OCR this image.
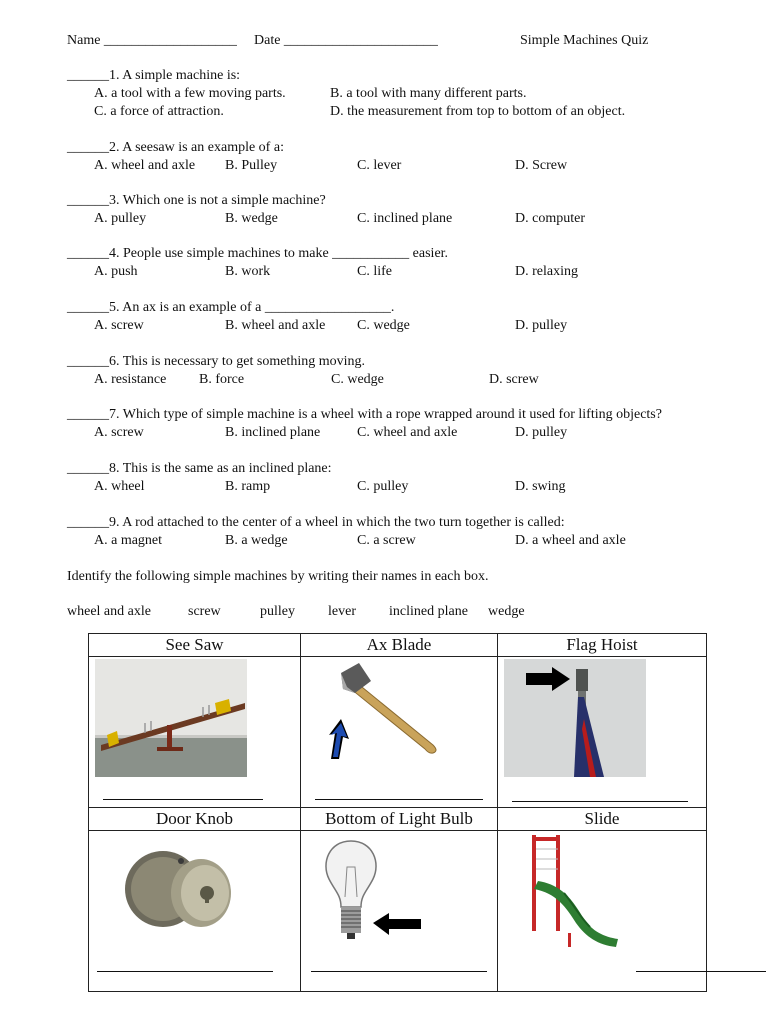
Name ___________________ Date ______________________	Simple Machines Quiz
______1. A simple machine is:
A. a tool with a few moving parts.	B. a tool with many different parts.
C. a force of attraction.	D. the measurement from top to bottom of an object.
______2. A seesaw is an example of a:
A. wheel and axle B. Pulley	C. lever	D. Screw
______3. Which one is not a simple machine?
A. pulley	B. wedge	C. inclined plane	D. computer
______4. People use simple machines to make ___________ easier.
A. push	B. work	C. life	D. relaxing
______5. An ax is an example of a __________________.
A. screw	B. wheel and axle C. wedge	D. pulley
______6. This is necessary to get something moving.
A. resistance B. force	C. wedge	D. screw
______7. Which type of simple machine is a wheel with a rope wrapped around it used for lifting objects?
A. screw	B. inclined plane	C. wheel and axle	D. pulley
______8. This is the same as an inclined plane:
A. wheel	B. ramp	C. pulley	D. swing
______9. A rod attached to the center of a wheel in which the two turn together is called:
A. a magnet	B. a wedge	C. a screw	D. a wheel and axle
Identify the following simple machines by writing their names in each box.
wheel and axle	screw	pulley lever inclined plane wedge
See Saw	Ax Blade	Flag Hoist

Door Knob	Bottom of Light Bulb	Slide
